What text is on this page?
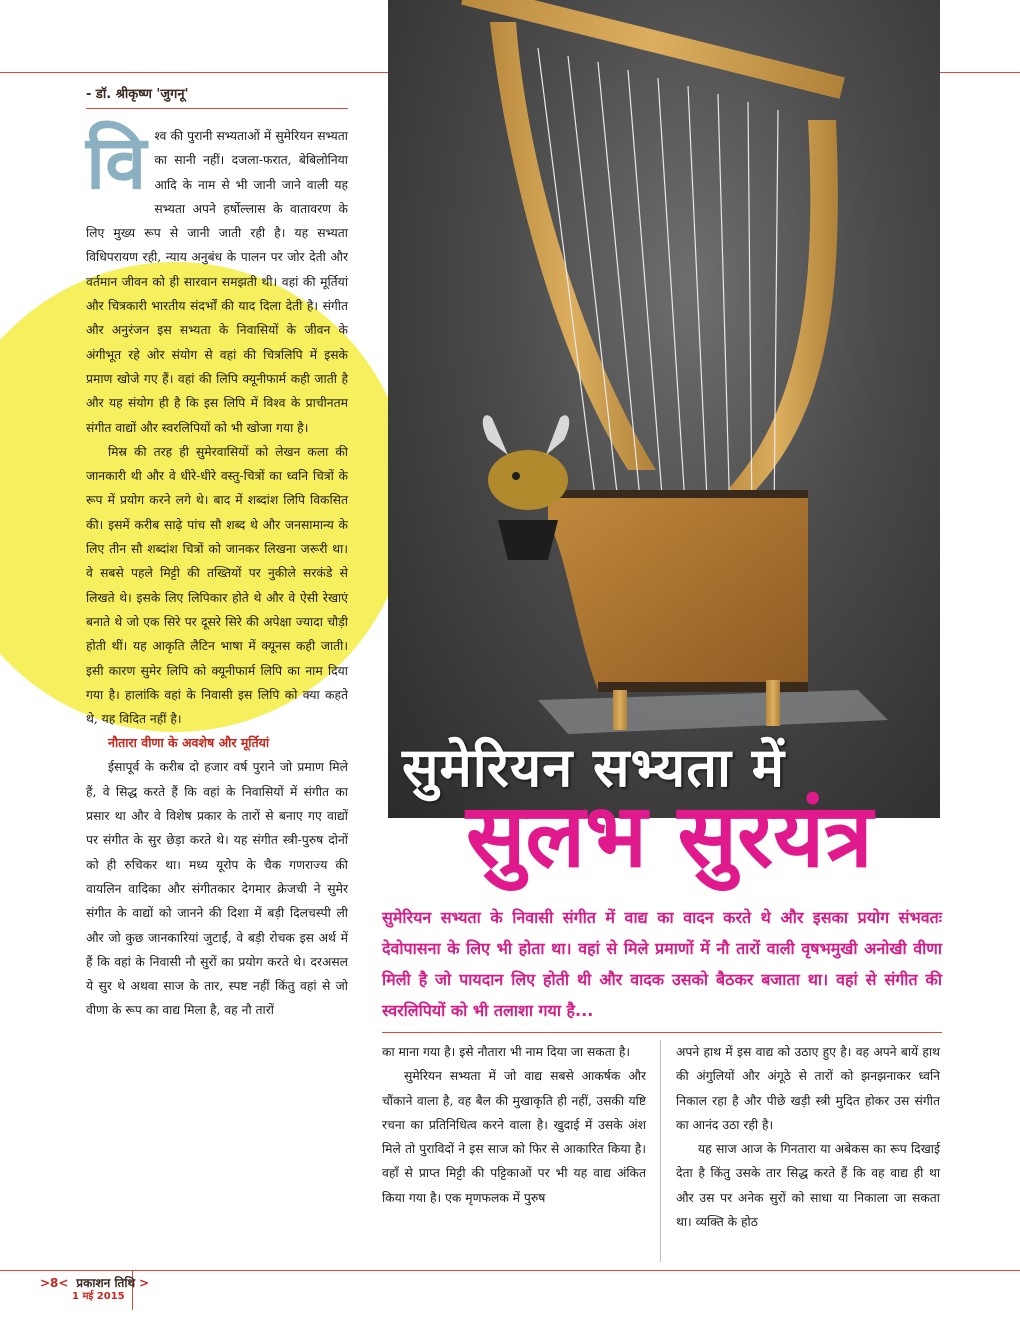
- डॉ. श्रीकृष्ण 'जुगनू'

विश्व की पुरानी सभ्यताओं में सुमेरियन सभ्यता का सानी नहीं। दजला-फरात, बेबिलोनिया आदि के नाम से भी जानी जाने वाली यह सभ्यता अपने हर्षोल्लास के वातावरण के लिए मुख्य रूप से जानी जाती रही है। यह सभ्यता विधिपरायण रही, न्याय अनुबंध के पालन पर जोर देती और वर्तमान जीवन को ही सारवान समझती थी। वहां की मूर्तियां और चित्रकारी भारतीय संदर्भों की याद दिला देती है। संगीत और अनुरंजन इस सभ्यता के निवासियों के जीवन के अंगीभूत रहे ओर संयोग से वहां की चित्रलिपि में इसके प्रमाण खोजे गए हैं। वहां की लिपि क्यूनीफार्म कही जाती है और यह संयोग ही है कि इस लिपि में विश्व के प्राचीनतम संगीत वाद्यों और स्वरलिपियों को भी खोजा गया है।

मिस्र की तरह ही सुमेरवासियों को लेखन कला की जानकारी थी और वे धीरे-धीरे वस्तु-चित्रों का ध्वनि चित्रों के रूप में प्रयोग करने लगे थे। बाद में शब्दांश लिपि विकसित की। इसमें करीब साढ़े पांच सौ शब्द थे और जनसामान्य के लिए तीन सौ शब्दांश चित्रों को जानकर लिखना जरूरी था। वे सबसे पहले मिट्टी की तख्तियों पर नुकीले सरकंडे से लिखते थे। इसके लिए लिपिकार होते थे और वे ऐसी रेखाएं बनाते थे जो एक सिरे पर दूसरे सिरे की अपेक्षा ज्यादा चौड़ी होती थीं। यह आकृति लैटिन भाषा में क्यूनस कही जाती। इसी कारण सुमेर लिपि को क्यूनीफार्म लिपि का नाम दिया गया है। हालांकि वहां के निवासी इस लिपि को क्या कहते थे, यह विदित नहीं है।

नौतारा वीणा के अवशेष और मूर्तियां

ईसापूर्व के करीब दो हजार वर्ष पुराने जो प्रमाण मिले हैं, वे सिद्ध करते हैं कि वहां के निवासियों में संगीत का प्रसार था और वे विशेष प्रकार के तारों से बनाए गए वाद्यों पर संगीत के सुर छेड़ा करते थे। यह संगीत स्त्री-पुरुष दोनों को ही रुचिकर था। मध्य यूरोप के चैक गणराज्य की वायलिन वादिका और संगीतकार देगमार क्रेजची ने सुमेर संगीत के वाद्यों को जानने की दिशा में बड़ी दिलचस्पी ली और जो कुछ जानकारियां जुटाईं, वे बड़ी रोचक इस अर्थ में हैं कि वहां के निवासी नौ सुरों का प्रयोग करते थे। दरअसल ये सुर थे अथवा साज के तार, स्पष्ट नहीं किंतु वहां से जो वीणा के रूप का वाद्य मिला है, वह नौ तारों

सुमेरियन सभ्यता में
सुलभ सुरयंत्र
सुमेरियन सभ्यता के निवासी संगीत में वाद्य का वादन करते थे और इसका प्रयोग संभवतः देवोपासना के लिए भी होता था। वहां से मिले प्रमाणों में नौ तारों वाली वृषभमुखी अनोखी वीणा मिली है जो पायदान लिए होती थी और वादक उसको बैठकर बजाता था। वहां से संगीत की स्वरलिपियों को भी तलाशा गया है...

का माना गया है। इसे नौतारा भी नाम दिया जा सकता है।

सुमेरियन सभ्यता में जो वाद्य सबसे आकर्षक और चौंकाने वाला है, वह बैल की मुखाकृति ही नहीं, उसकी यष्टि रचना का प्रतिनिधित्व करने वाला है। खुदाई में उसके अंश मिले तो पुराविदों ने इस साज को फिर से आकारित किया है। वहाँ से प्राप्त मिट्टी की पट्टिकाओं पर भी यह वाद्य अंकित किया गया है। एक मृणफलक में पुरुष

अपने हाथ में इस वाद्य को उठाए हुए है। वह अपने बायें हाथ की अंगुलियों और अंगूठे से तारों को झनझनाकर ध्वनि निकाल रहा है और पीछे खड़ी स्त्री मुदित होकर उस संगीत का आनंद उठा रही है।

यह साज आज के गिनतारा या अबेकस का रूप दिखाई देता है किंतु उसके तार सिद्ध करते हैं कि वह वाद्य ही था और उस पर अनेक सुरों को साधा या निकाला जा सकता था। व्यक्ति के होठ

>8< प्रकाशन तिथि >
1 मई 2015
